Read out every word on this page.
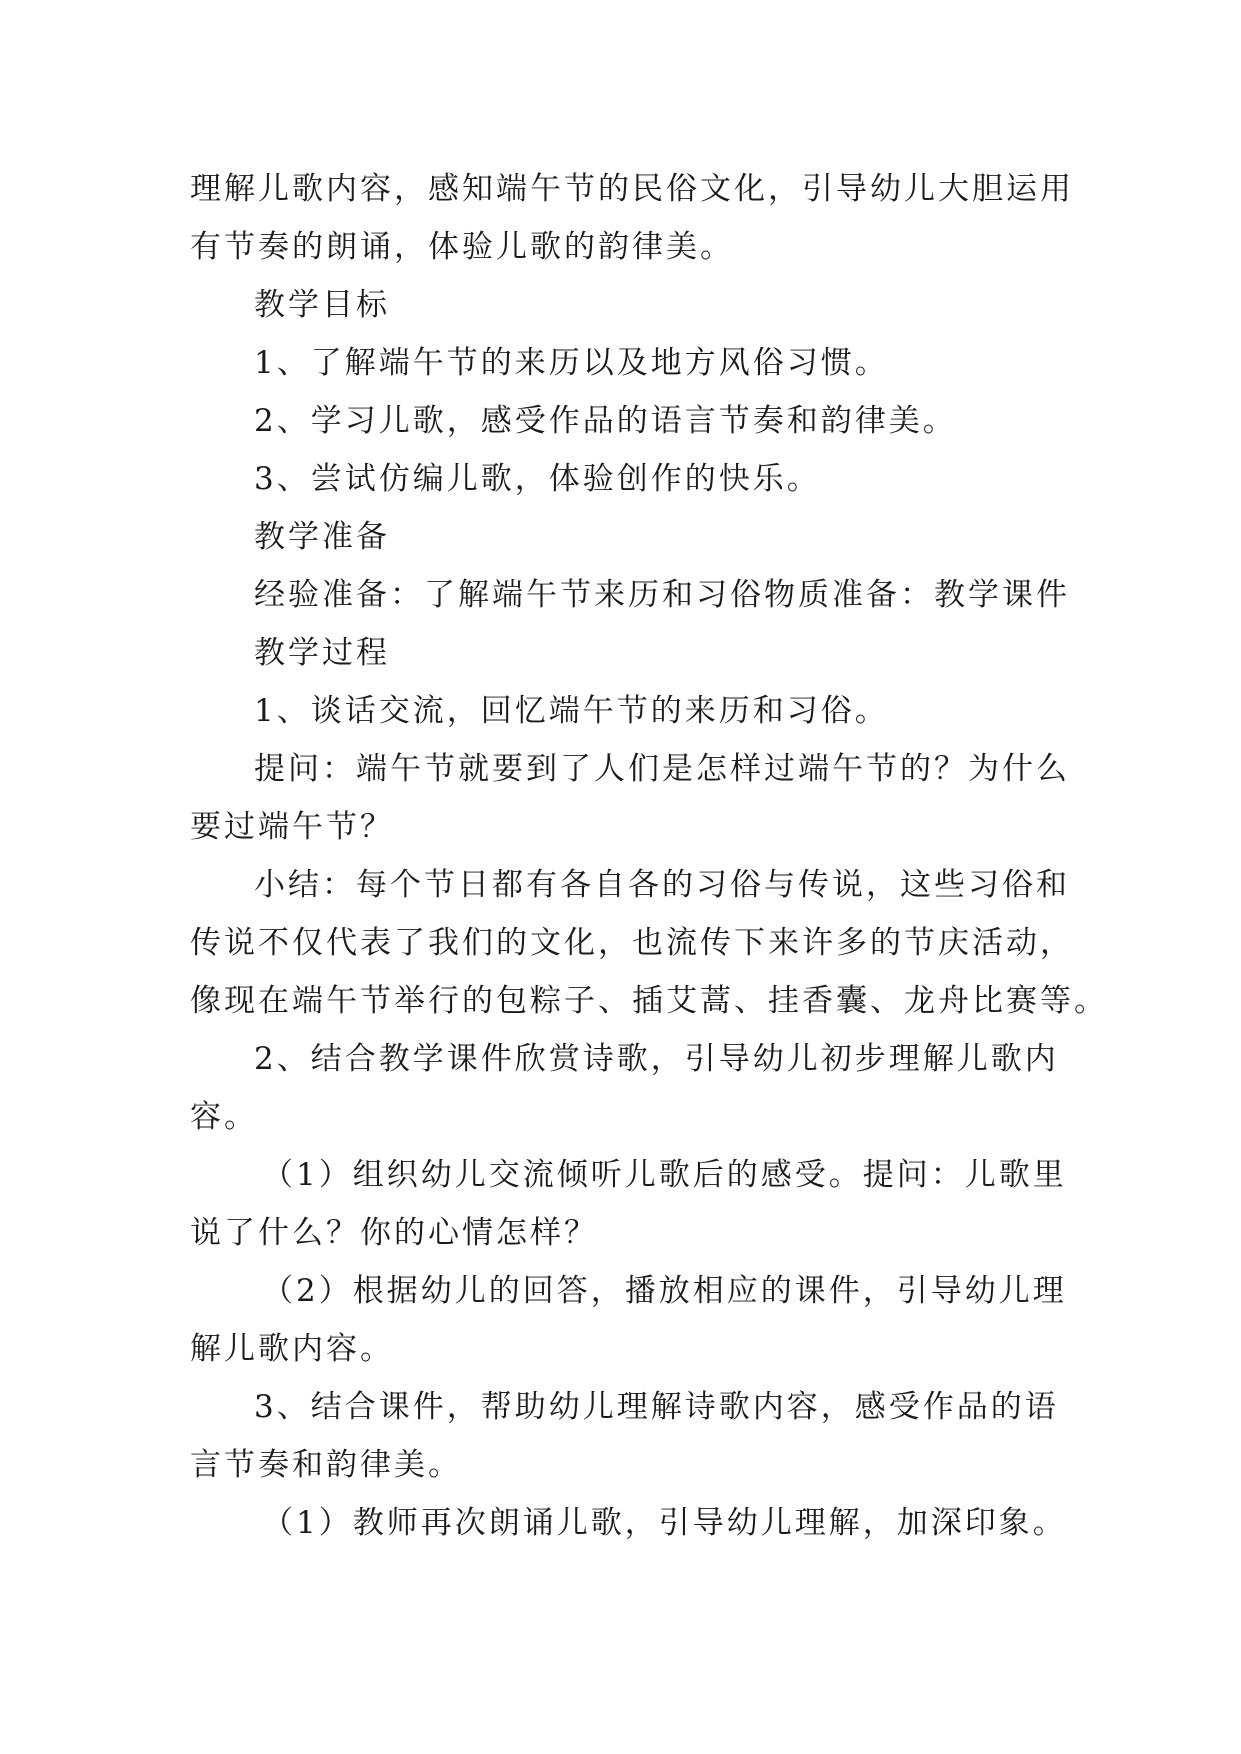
理解儿歌内容，感知端午节的民俗文化，引导幼儿大胆运用
有节奏的朗诵，体验儿歌的韵律美。
教学目标
1、了解端午节的来历以及地方风俗习惯。
2、学习儿歌，感受作品的语言节奏和韵律美。
3、尝试仿编儿歌，体验创作的快乐。
教学准备
经验准备：了解端午节来历和习俗物质准备：教学课件
教学过程
1、谈话交流，回忆端午节的来历和习俗。
提问：端午节就要到了人们是怎样过端午节的？为什么
要过端午节？
小结：每个节日都有各自各的习俗与传说，这些习俗和
传说不仅代表了我们的文化，也流传下来许多的节庆活动，
像现在端午节举行的包粽子、插艾蒿、挂香囊、龙舟比赛等。
2、结合教学课件欣赏诗歌，引导幼儿初步理解儿歌内
容。
（1）组织幼儿交流倾听儿歌后的感受。提问：儿歌里
说了什么？你的心情怎样？
（2）根据幼儿的回答，播放相应的课件，引导幼儿理
解儿歌内容。
3、结合课件，帮助幼儿理解诗歌内容，感受作品的语
言节奏和韵律美。
（1）教师再次朗诵儿歌，引导幼儿理解，加深印象。
